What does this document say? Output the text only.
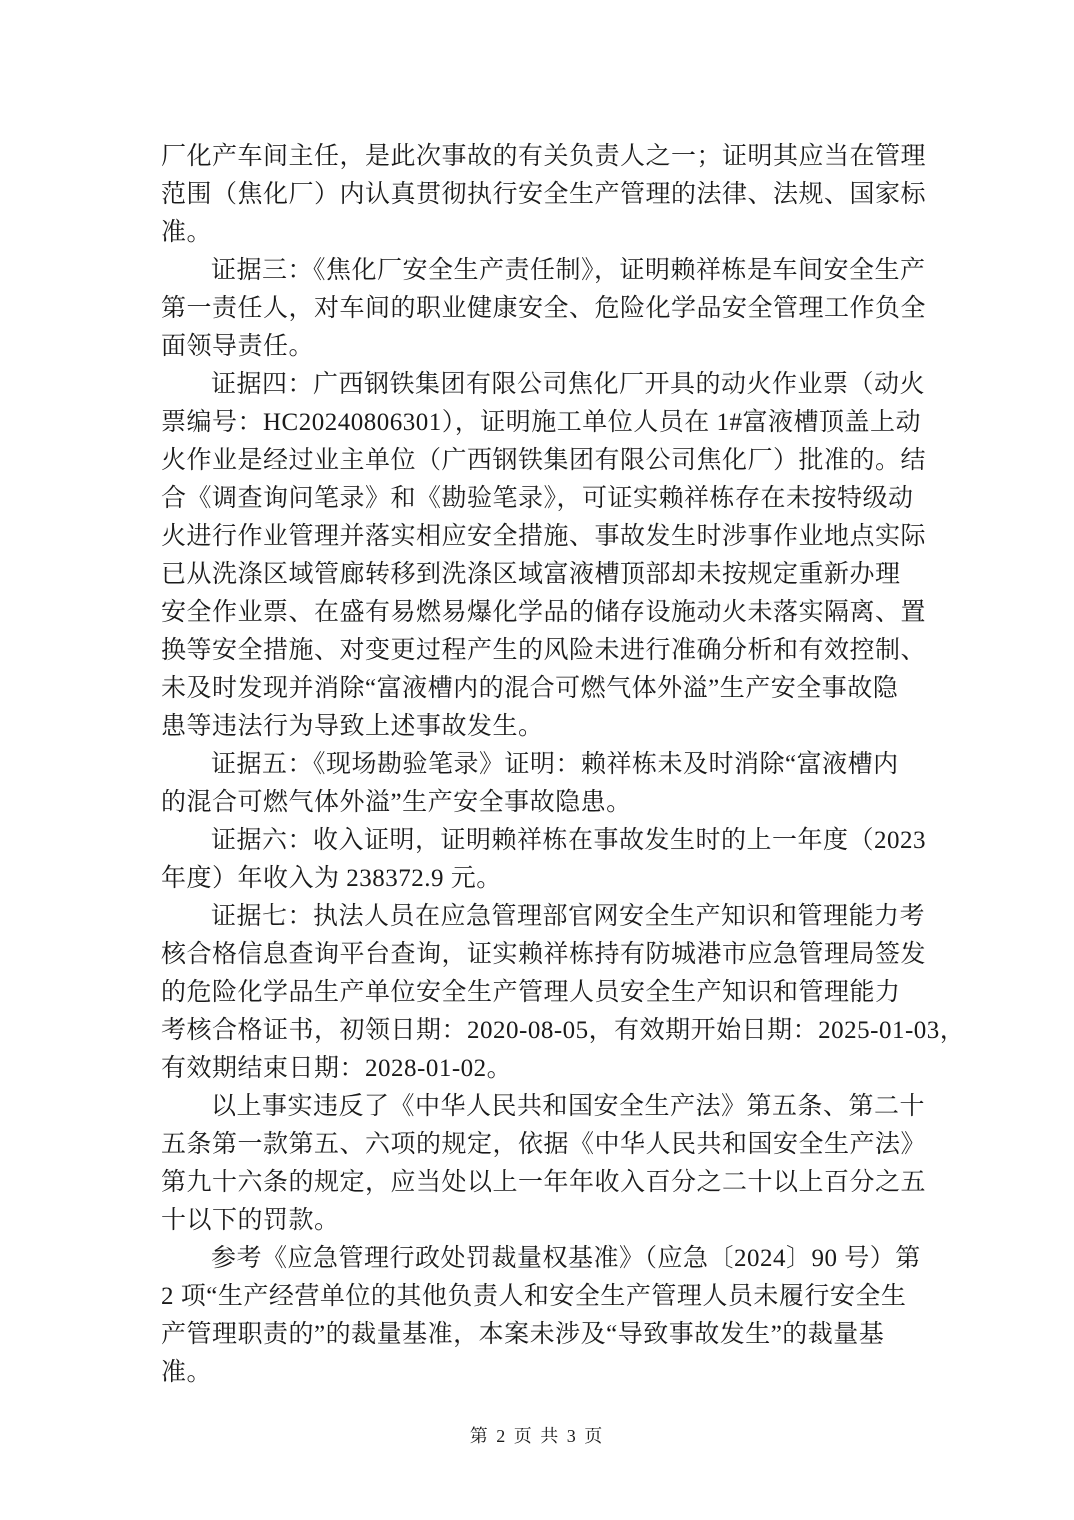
厂化产车间主任，是此次事故的有关负责人之一；证明其应当在管理
范围（焦化厂）内认真贯彻执行安全生产管理的法律、法规、国家标
准。
证据三：《焦化厂安全生产责任制》，证明赖祥栋是车间安全生产
第一责任人，对车间的职业健康安全、危险化学品安全管理工作负全
面领导责任。
证据四：广西钢铁集团有限公司焦化厂开具的动火作业票（动火
票编号：HC20240806301），证明施工单位人员在 1#富液槽顶盖上动
火作业是经过业主单位（广西钢铁集团有限公司焦化厂）批准的。结
合《调查询问笔录》和《勘验笔录》，可证实赖祥栋存在未按特级动
火进行作业管理并落实相应安全措施、事故发生时涉事作业地点实际
已从洗涤区域管廊转移到洗涤区域富液槽顶部却未按规定重新办理
安全作业票、在盛有易燃易爆化学品的储存设施动火未落实隔离、置
换等安全措施、对变更过程产生的风险未进行准确分析和有效控制、
未及时发现并消除“富液槽内的混合可燃气体外溢”生产安全事故隐
患等违法行为导致上述事故发生。
证据五：《现场勘验笔录》证明：赖祥栋未及时消除“富液槽内
的混合可燃气体外溢”生产安全事故隐患。
证据六：收入证明，证明赖祥栋在事故发生时的上一年度（2023
年度）年收入为 238372.9 元。
证据七：执法人员在应急管理部官网安全生产知识和管理能力考
核合格信息查询平台查询，证实赖祥栋持有防城港市应急管理局签发
的危险化学品生产单位安全生产管理人员安全生产知识和管理能力
考核合格证书，初领日期：2020-08-05，有效期开始日期：2025-01-03，
有效期结束日期：2028-01-02。
以上事实违反了《中华人民共和国安全生产法》第五条、第二十
五条第一款第五、六项的规定，依据《中华人民共和国安全生产法》
第九十六条的规定，应当处以上一年年收入百分之二十以上百分之五
十以下的罚款。
参考《应急管理行政处罚裁量权基准》（应急〔2024〕90 号）第
2 项“生产经营单位的其他负责人和安全生产管理人员未履行安全生
产管理职责的”的裁量基准，本案未涉及“导致事故发生”的裁量基
准。
第 2 页 共 3 页
